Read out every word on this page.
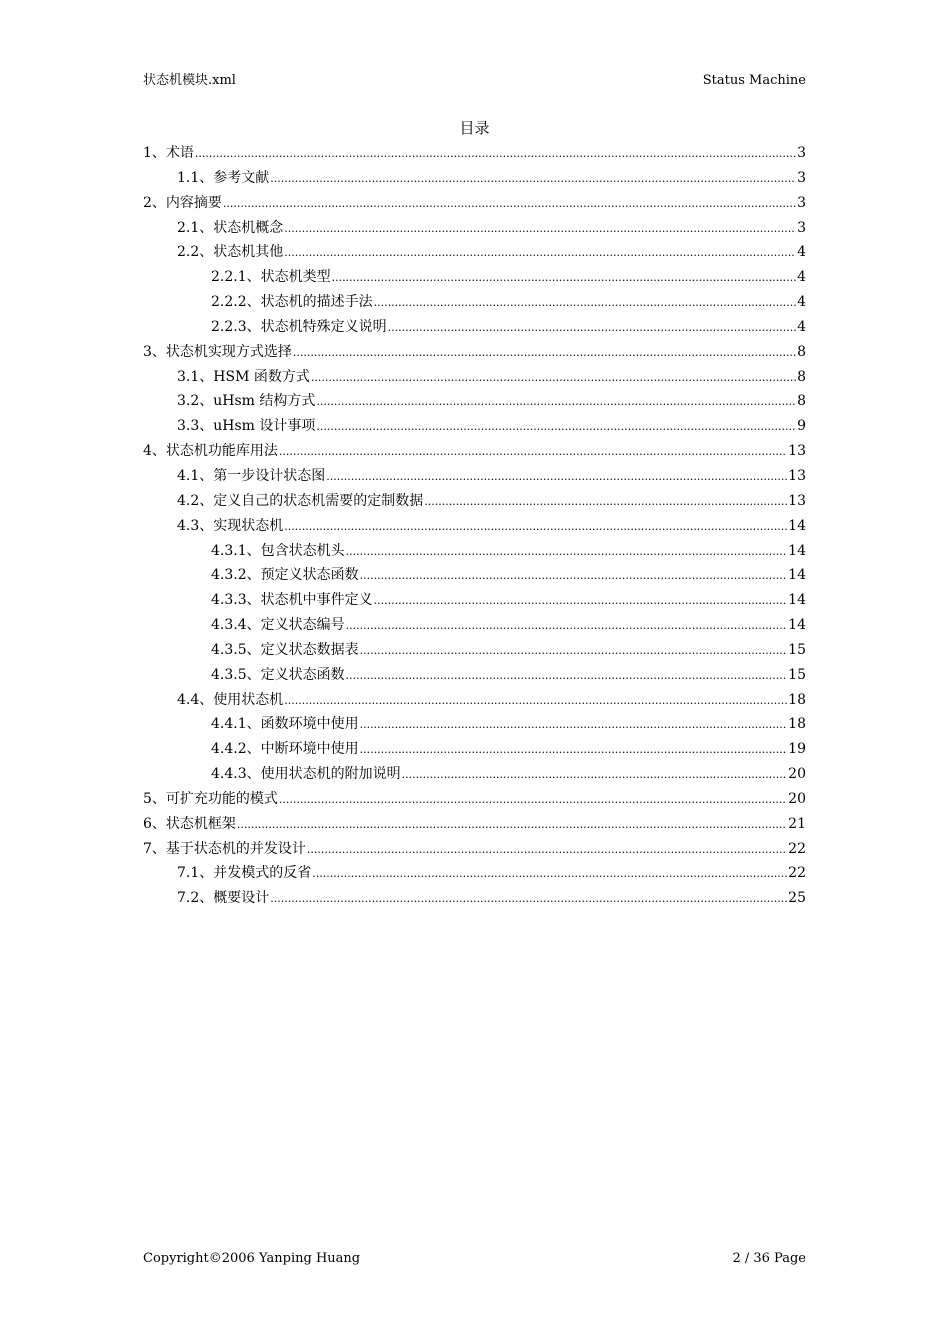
状态机模块.xml	Status Machine
目录
1、术语 .....	3
1.1、参考文献 .....	3
2、内容摘要 .....	3
2.1、状态机概念 .....	3
2.2、状态机其他 .....	4
2.2.1、状态机类型 .....	4
2.2.2、状态机的描述手法 .....	4
2.2.3、状态机特殊定义说明 .....	4
3、状态机实现方式选择 .....	8
3.1、HSM 函数方式 .....	8
3.2、uHsm 结构方式 .....	8
3.3、uHsm 设计事项 .....	9
4、状态机功能库用法 .....	13
4.1、第一步设计状态图 .....	13
4.2、定义自己的状态机需要的定制数据 .....	13
4.3、实现状态机 .....	14
4.3.1、包含状态机头 .....	14
4.3.2、预定义状态函数 .....	14
4.3.3、状态机中事件定义 .....	14
4.3.4、定义状态编号 .....	14
4.3.5、定义状态数据表 .....	15
4.3.5、定义状态函数 .....	15
4.4、使用状态机 .....	18
4.4.1、函数环境中使用 .....	18
4.4.2、中断环境中使用 .....	19
4.4.3、使用状态机的附加说明 .....	20
5、可扩充功能的模式 .....	20
6、状态机框架 .....	21
7、基于状态机的并发设计 .....	22
7.1、并发模式的反省 .....	22
7.2、概要设计 .....	25
Copyright©2006 Yanping Huang	2 / 36 Page
